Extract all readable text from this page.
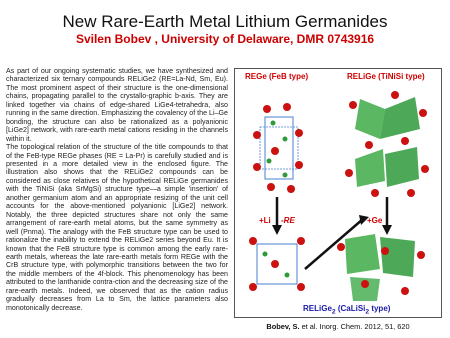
New Rare-Earth Metal Lithium Germanides
Svilen Bobev , University of Delaware, DMR 0743916

As part of our ongoing systematic studies, we have synthesized and characterized six ternary compounds RELiGe2 (RE=La-Nd, Sm, Eu). The most prominent aspect of their structure is the one-dimensional chains, propagating parallel to the crystallo-graphic b-axis. They are linked together via chains of edge-shared LiGe4-tetrahedra, also running in the same direction. Emphasizing the covalency of the Li–Ge bonding, the structure can also be rationalized as a polyanionic [LiGe2] network, with rare-earth metal cations residing in the channels within it.

The topological relation of the structure of the title compounds to that of the FeB-type REGe phases (RE = La-Pr) is carefully studied and is presented in a more detailed view in the enclosed figure. The illustration also shows that the RELiGe2 compounds can be considered as close relatives of the hypothetical RELiGe germanides with the TiNiSi (aka SrMgSi) structure type—a simple 'insertion' of another germanium atom and an appropriate resizing of the unit cell accounts for the above-mentioned polyanionic [LiGe2] network. Notably, the three depicted structures share not only the same arrangement of rare-earth metal atoms, but the same symmetry as well (Pnma). The analogy with the FeB structure type can be used to rationalize the inability to extend the RELiGe2 series beyond Eu. It is known that the FeB structure type is common among the early rare-earth metals, whereas the late rare-earth metals form REGe with the CrB structure type, with polymorphic transitions between the two for the middle members of the 4f-block. This phenomenology has been attributed to the lanthanide contra-ction and the decreasing size of the rare-earth metals. Indeed, we observed that as the cation radius gradually decreases from La to Sm, the lattice parameters also monotonically decrease.

REGe (FeB type)	RELiGe (TiNiSi type)
+Li -RE	+Ge
RELiGe$_2$ (CaLiSi$_2$ type)
Bobev, S. et al. Inorg. Chem. 2012, 51, 620
